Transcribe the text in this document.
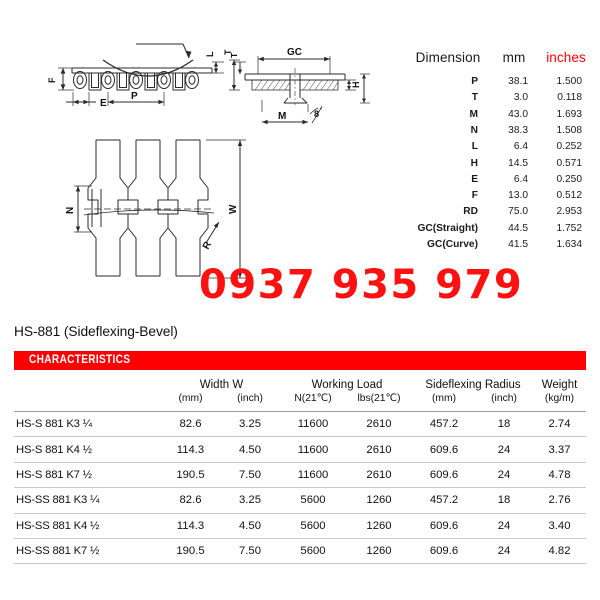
F
E
P
L T	GC
T
H
M	8 °
N	W
R
Dimension	mm	inches
P	38.1	1.500
T	3.0	0.118
M	43.0	1.693
N	38.3	1.508
L	6.4	0.252
H	14.5	0.571
E	6.4	0.250
F	13.0	0.512
RD	75.0	2.953
GC(Straight)	44.5	1.752
GC(Curve)	41.5	1.634
0937 935 979
HS-881 (Sideflexing-Bevel)
CHARACTERISTICS
	Width W		Working Load		Sideflexing Radius		Weight
	(mm)	(inch)	N(21℃)	lbs(21℃)	(mm)	(inch)	(kg/m)
HS-S 881 K3 ¼	82.6	3.25	11600	2610	457.2	18	2.74
HS-S 881 K4 ½	114.3	4.50	11600	2610	609.6	24	3.37
HS-S 881 K7 ½	190.5	7.50	11600	2610	609.6	24	4.78
HS-SS 881 K3 ¼	82.6	3.25	5600	1260	457.2	18	2.76
HS-SS 881 K4 ½	114.3	4.50	5600	1260	609.6	24	3.40
HS-SS 881 K7 ½	190.5	7.50	5600	1260	609.6	24	4.82
